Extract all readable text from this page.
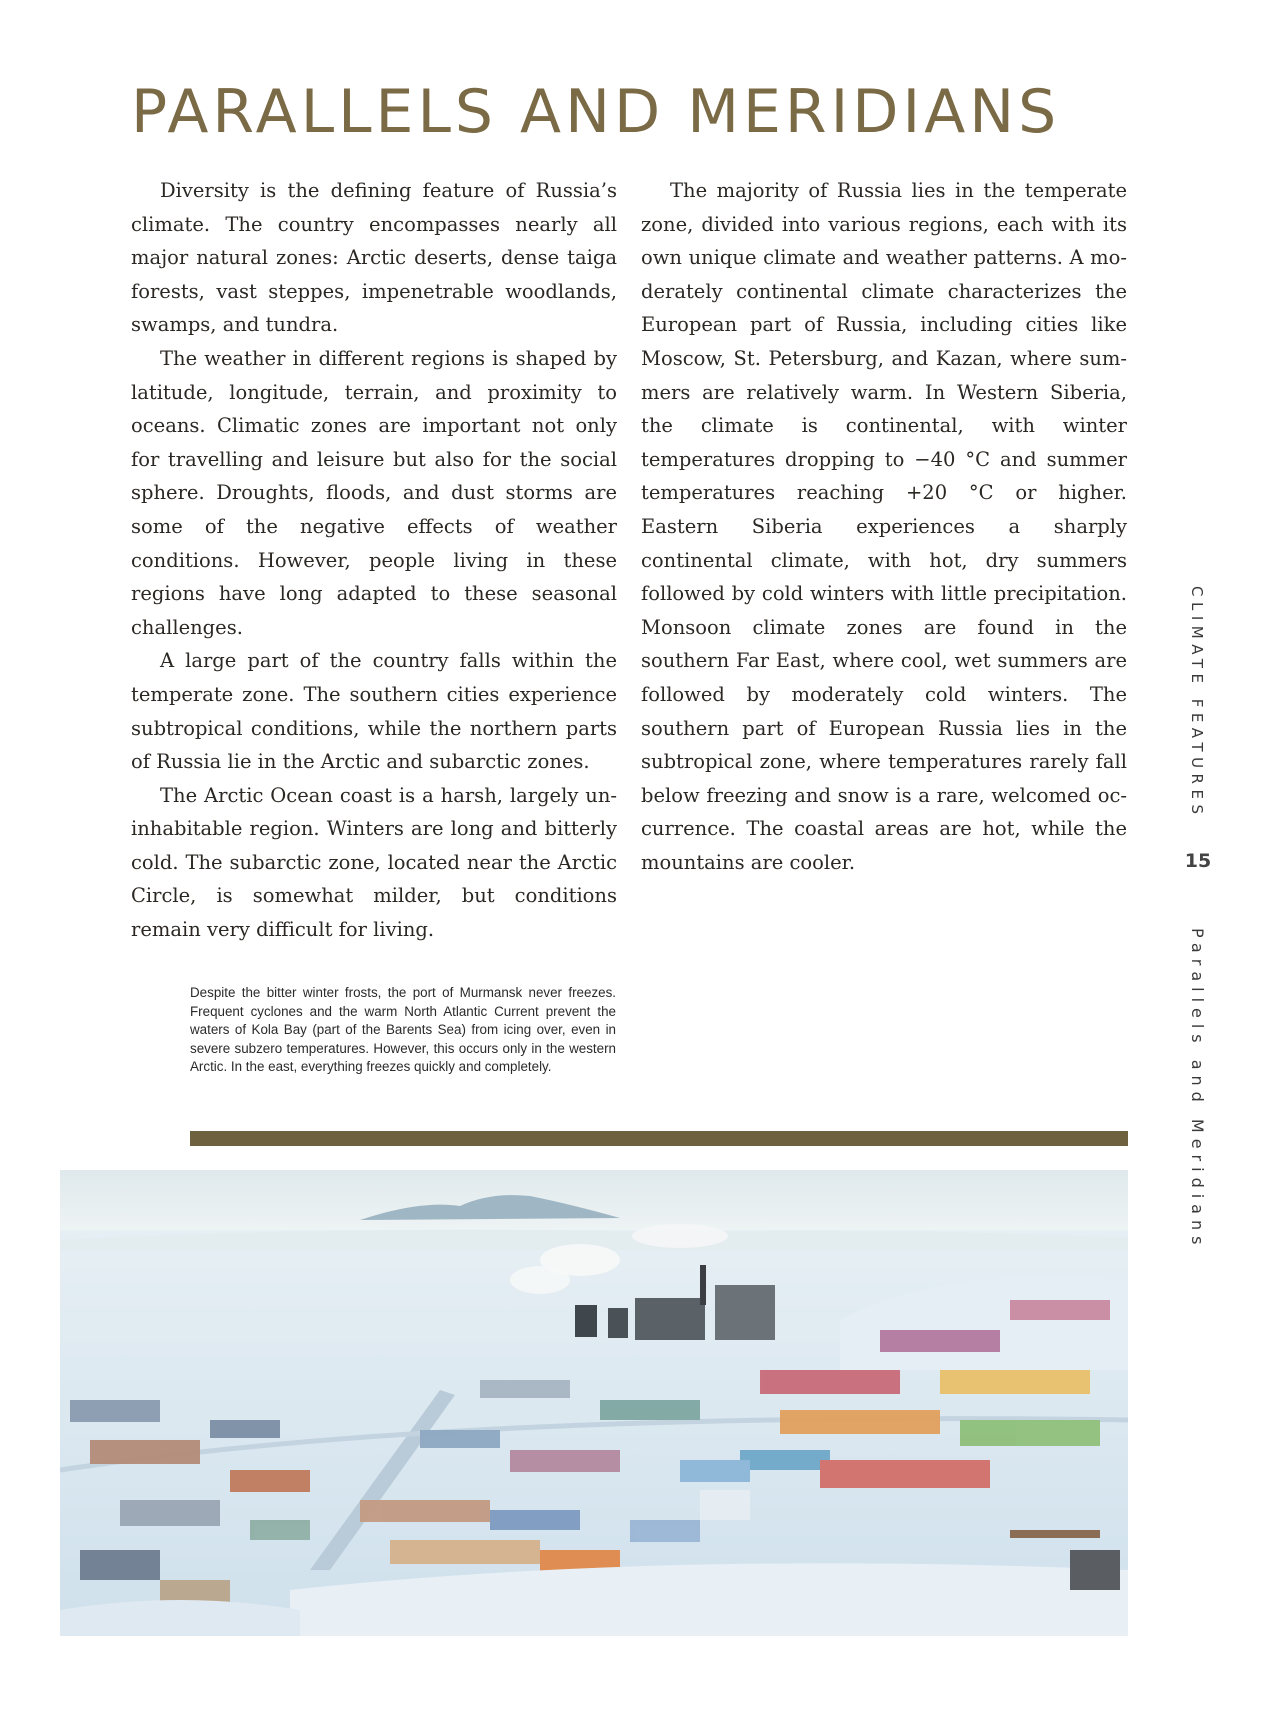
PARALLELS AND MERIDIANS

Diversity is the defining feature of Russia’s climate. The country encompasses nearly all major natural zones: Arctic deserts, dense taiga forests, vast steppes, impenetrable woodlands, swamps, and tundra.

The weather in different regions is shaped by latitude, longitude, terrain, and proximity to oceans. Climatic zones are important not only for travelling and leisure but also for the social sphere. Droughts, floods, and dust storms are some of the negative effects of weather conditions. However, people living in these regions have long adapted to these seasonal challenges.

A large part of the country falls within the temperate zone. The southern cities experience subtropical conditions, while the northern parts of Russia lie in the Arctic and subarctic zones.

The Arctic Ocean coast is a harsh, largely uninhabitable region. Winters are long and bitterly cold. The subarctic zone, located near the Arctic Circle, is somewhat milder, but conditions remain very difficult for living.

The majority of Russia lies in the temperate zone, divided into various regions, each with its own unique climate and weather patterns. A moderately continental climate characterizes the European part of Russia, including cities like Moscow, St. Petersburg, and Kazan, where summers are relatively warm. In Western Siberia, the climate is continental, with winter temperatures dropping to −40 °C and summer temperatures reaching +20 °C or higher. Eastern Siberia experiences a sharply continental climate, with hot, dry summers followed by cold winters with little precipitation. Monsoon climate zones are found in the southern Far East, where cool, wet summers are followed by moderately cold winters. The southern part of European Russia lies in the subtropical zone, where temperatures rarely fall below freezing and snow is a rare, welcomed occurrence. The coastal areas are hot, while the mountains are cooler.

Despite the bitter winter frosts, the port of Murmansk never freezes. Frequent cyclones and the warm North Atlantic Current prevent the waters of Kola Bay (part of the Barents Sea) from icing over, even in severe subzero temperatures. However, this occurs only in the western Arctic. In the east, everything freezes quickly and completely.

CLIMATE FEATURES
15
Parallels and Meridians
